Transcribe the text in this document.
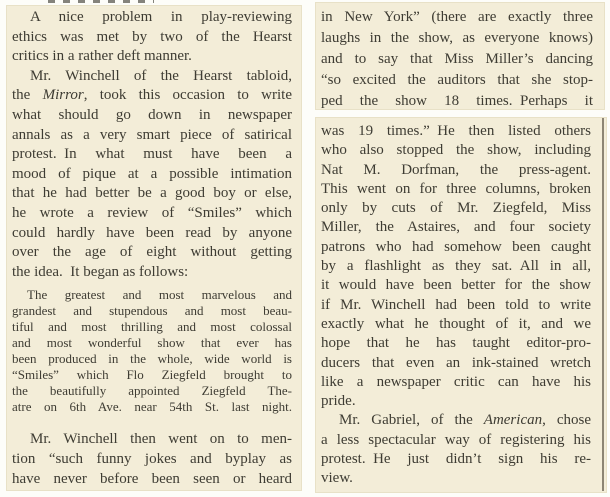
A nice problem in play-reviewing
ethics was met by two of the Hearst
critics in a rather deft manner.
Mr. Winchell of the Hearst tabloid,
the Mirror, took this occasion to write
what should go down in newspaper
annals as a very smart piece of satirical
protest. In what must have been a
mood of pique at a possible intimation
that he had better be a good boy or else,
he wrote a review of “Smiles” which
could hardly have been read by anyone
over the age of eight without getting
the idea. It began as follows:
The greatest and most marvelous and
grandest and stupendous and most beau-
tiful and most thrilling and most colossal
and most wonderful show that ever has
been produced in the whole, wide world is
“Smiles” which Flo Ziegfeld brought to
the beautifully appointed Ziegfeld The-
atre on 6th Ave. near 54th St. last night.
Mr. Winchell then went on to men-
tion “such funny jokes and byplay as
have never before been seen or heard
in New York” (there are exactly three
laughs in the show, as everyone knows)
and to say that Miss Miller’s dancing
“so excited the auditors that she stop-
ped the show 18 times. Perhaps it
was 19 times.” He then listed others
who also stopped the show, including
Nat M. Dorfman, the press-agent.
This went on for three columns, broken
only by cuts of Mr. Ziegfeld, Miss
Miller, the Astaires, and four society
patrons who had somehow been caught
by a flashlight as they sat. All in all,
it would have been better for the show
if Mr. Winchell had been told to write
exactly what he thought of it, and we
hope that he has taught editor-pro-
ducers that even an ink-stained wretch
like a newspaper critic can have his
pride.
Mr. Gabriel, of the American, chose
a less spectacular way of registering his
protest. He just didn’t sign his re-
view.
